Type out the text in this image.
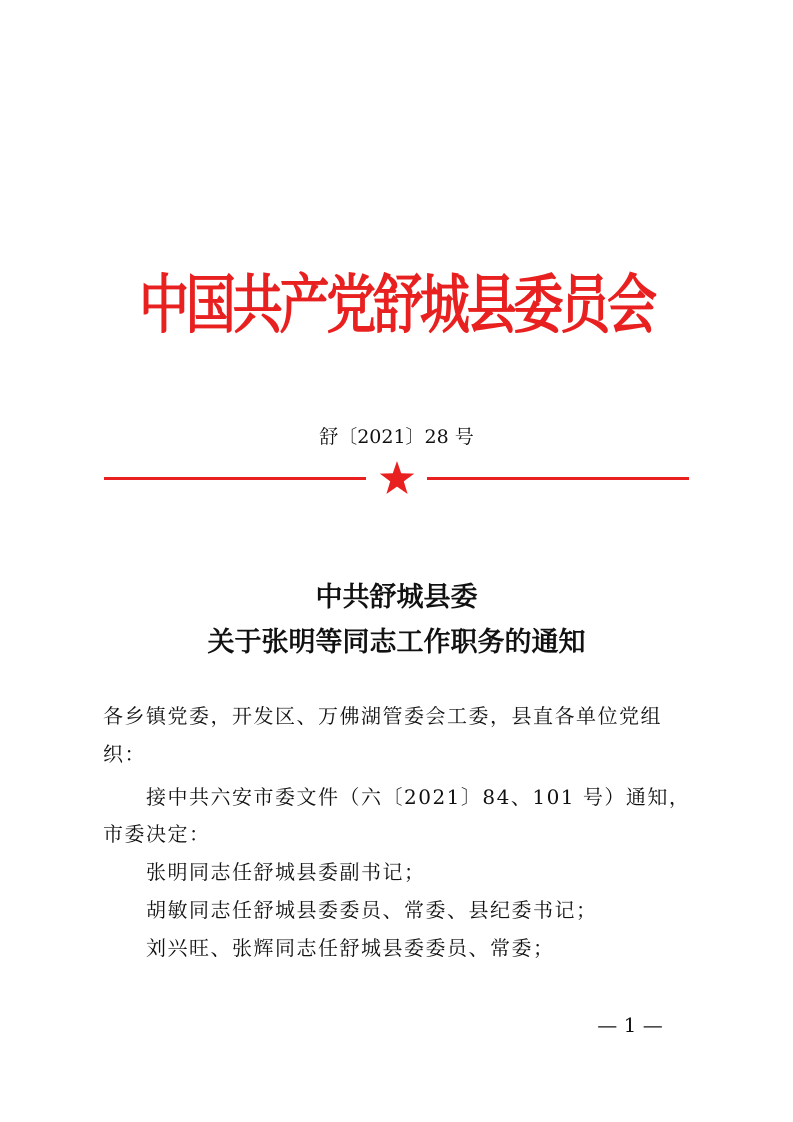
中国共产党舒城县委员会
舒〔2021〕28 号
中共舒城县委
关于张明等同志工作职务的通知
各乡镇党委，开发区、万佛湖管委会工委，县直各单位党组
织：
接中共六安市委文件（六〔2021〕84、101 号）通知，
市委决定：
张明同志任舒城县委副书记；
胡敏同志任舒城县委委员、常委、县纪委书记；
刘兴旺、张辉同志任舒城县委委员、常委；
— 1 —
